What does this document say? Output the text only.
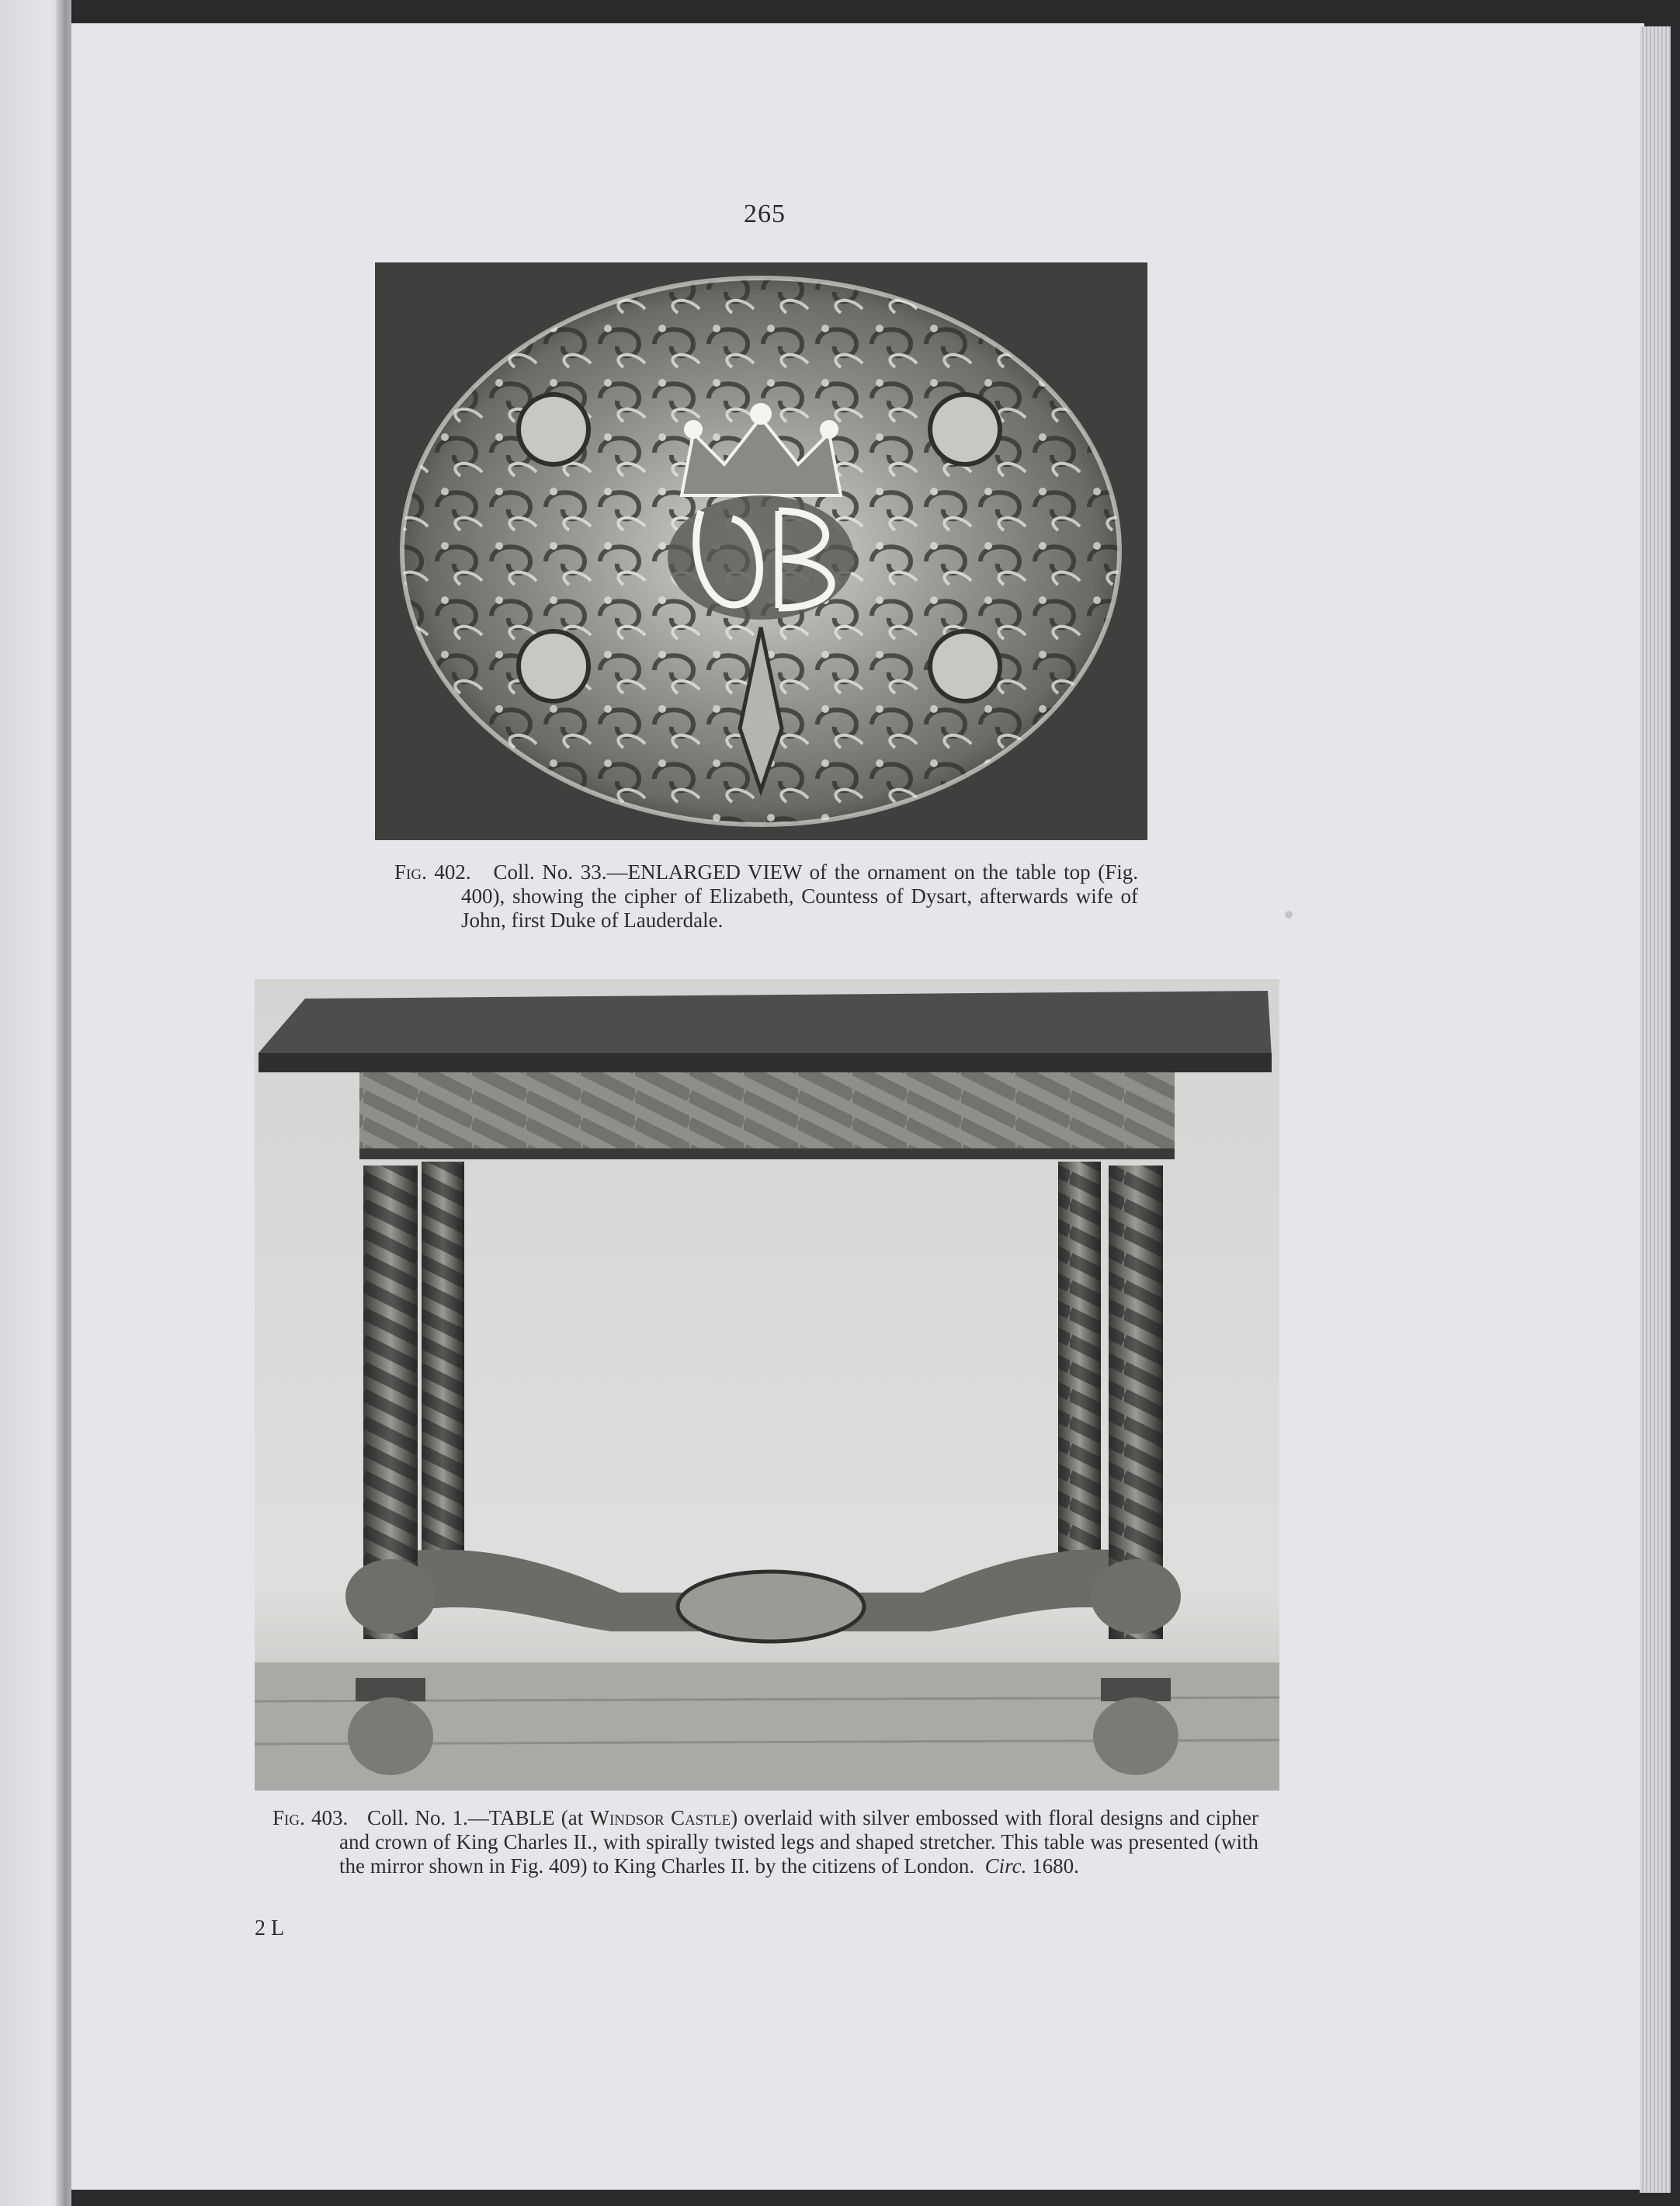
265
Fig. 402. Coll. No. 33.—ENLARGED VIEW of the ornament on the table top (Fig. 400), showing the cipher of Elizabeth, Countess of Dysart, afterwards wife of John, first Duke of Lauderdale.
Fig. 403. Coll. No. 1.—TABLE (at Windsor Castle) overlaid with silver embossed with floral designs and cipher and crown of King Charles II., with spirally twisted legs and shaped stretcher. This table was presented (with the mirror shown in Fig. 409) to King Charles II. by the citizens of London. Circ. 1680.
2 L
